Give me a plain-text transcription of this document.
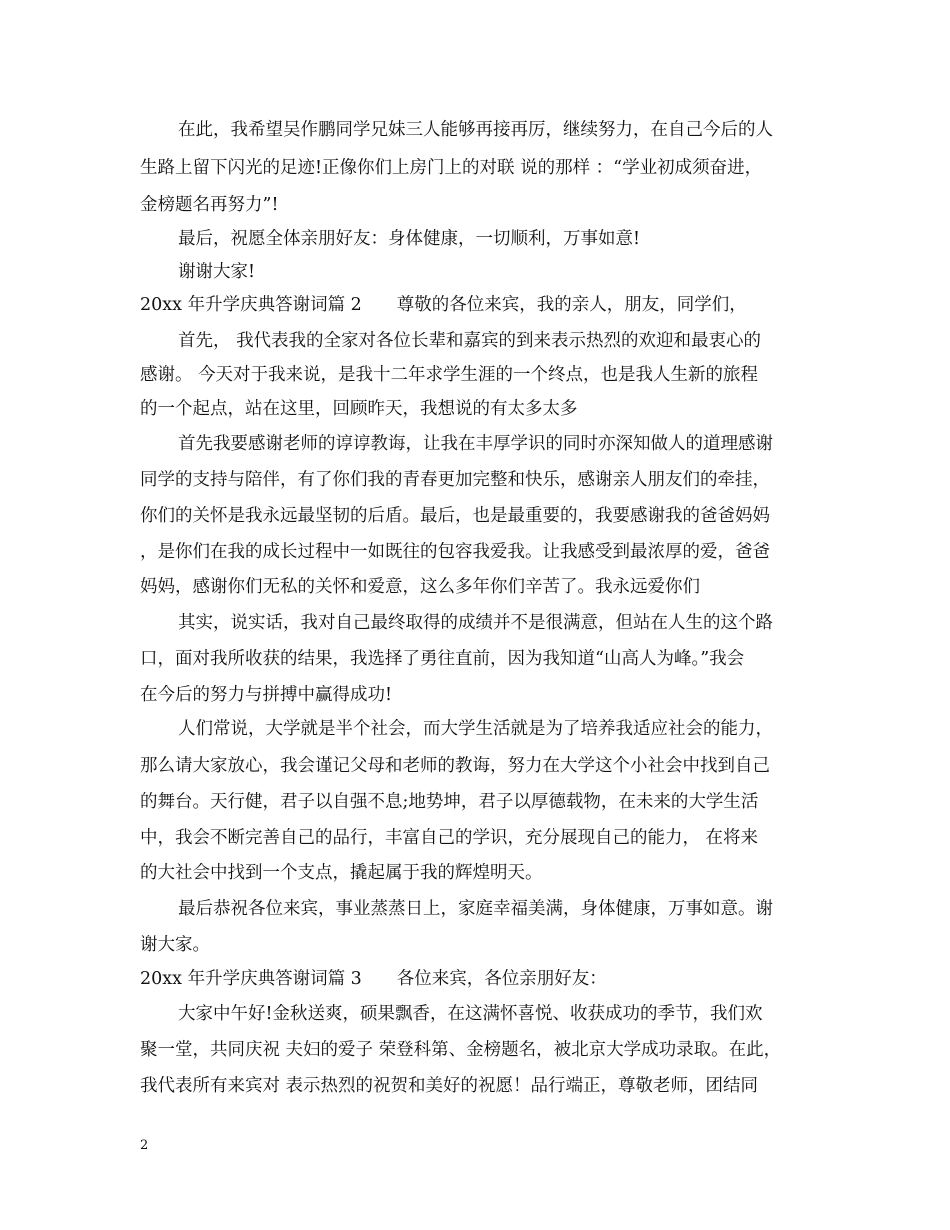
在此，我希望吴作鹏同学兄妹三人能够再接再厉，继续努力，在自己今后的人
生路上留下闪光的足迹!正像你们上房门上的对联 说的那样 ：“学业初成须奋进，
金榜题名再努力”!
最后，祝愿全体亲朋好友：身体健康，一切顺利，万事如意!
谢谢大家!
20xx 年升学庆典答谢词篇 2　　尊敬的各位来宾，我的亲人，朋友，同学们，
首先， 我代表我的全家对各位长辈和嘉宾的到来表示热烈的欢迎和最衷心的
感谢。 今天对于我来说，是我十二年求学生涯的一个终点，也是我人生新的旅程
的一个起点，站在这里，回顾昨天，我想说的有太多太多
首先我要感谢老师的谆谆教诲，让我在丰厚学识的同时亦深知做人的道理感谢
同学的支持与陪伴，有了你们我的青春更加完整和快乐，感谢亲人朋友们的牵挂，
你们的关怀是我永远最坚韧的后盾。最后，也是最重要的，我要感谢我的爸爸妈妈
，是你们在我的成长过程中一如既往的包容我爱我。让我感受到最浓厚的爱，爸爸
妈妈，感谢你们无私的关怀和爱意，这么多年你们辛苦了。我永远爱你们
其实，说实话，我对自己最终取得的成绩并不是很满意，但站在人生的这个路
口，面对我所收获的结果，我选择了勇往直前，因为我知道“山高人为峰。”我会
在今后的努力与拼搏中赢得成功!
人们常说，大学就是半个社会，而大学生活就是为了培养我适应社会的能力，
那么请大家放心，我会谨记父母和老师的教诲，努力在大学这个小社会中找到自己
的舞台。天行健，君子以自强不息;地势坤，君子以厚德载物，在未来的大学生活
中，我会不断完善自己的品行，丰富自己的学识，充分展现自己的能力， 在将来
的大社会中找到一个支点，撬起属于我的辉煌明天。
最后恭祝各位来宾，事业蒸蒸日上，家庭幸福美满，身体健康，万事如意。谢
谢大家。
20xx 年升学庆典答谢词篇 3　　各位来宾，各位亲朋好友：
大家中午好!金秋送爽，硕果飘香，在这满怀喜悦、收获成功的季节，我们欢
聚一堂，共同庆祝 夫妇的爱子 荣登科第、金榜题名，被北京大学成功录取。在此，
我代表所有来宾对 表示热烈的祝贺和美好的祝愿！品行端正，尊敬老师，团结同
2
